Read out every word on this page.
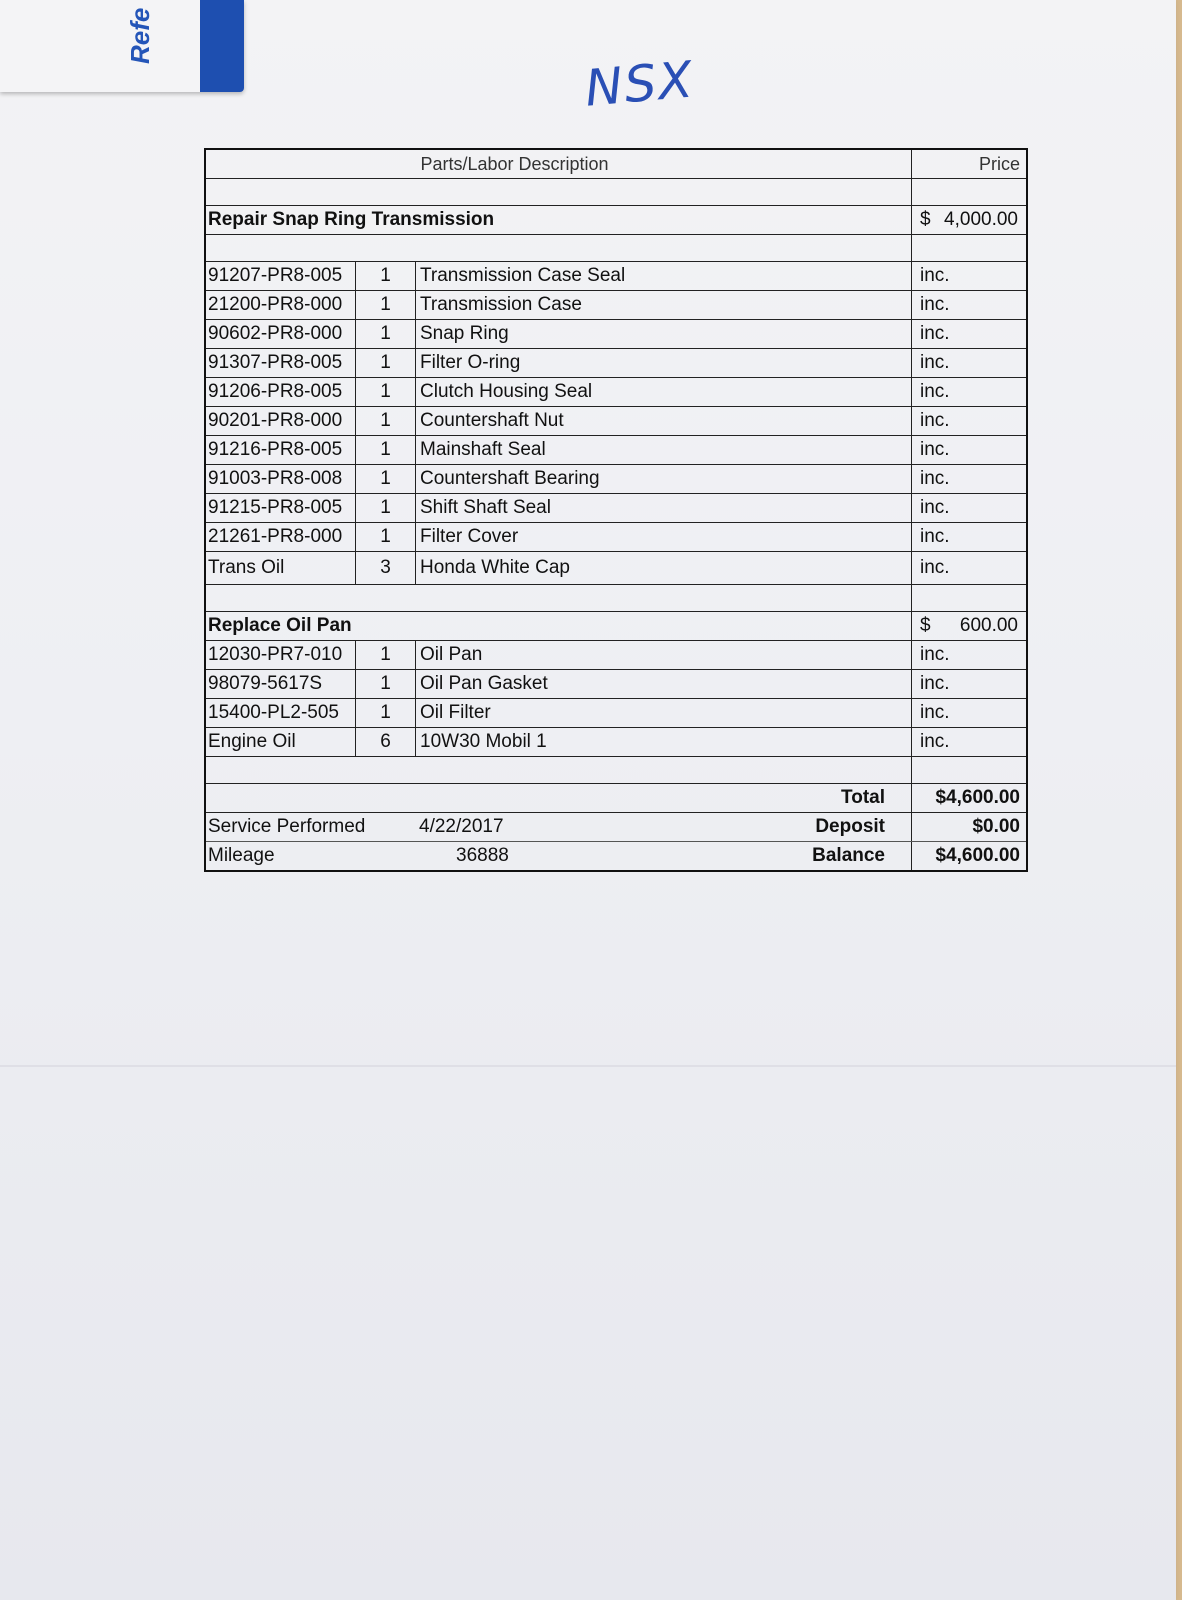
Refe
NSX
Parts/Labor Description	Price
Repair Snap Ring Transmission	$ 4,000.00
91207-PR8-005	1	Transmission Case Seal	inc.
21200-PR8-000	1	Transmission Case	inc.
90602-PR8-000	1	Snap Ring	inc.
91307-PR8-005	1	Filter O-ring	inc.
91206-PR8-005	1	Clutch Housing Seal	inc.
90201-PR8-000	1	Countershaft Nut	inc.
91216-PR8-005	1	Mainshaft Seal	inc.
91003-PR8-008	1	Countershaft Bearing	inc.
91215-PR8-005	1	Shift Shaft Seal	inc.
21261-PR8-000	1	Filter Cover	inc.
Trans Oil	3	Honda White Cap	inc.
Replace Oil Pan	$ 600.00
12030-PR7-010	1	Oil Pan	inc.
98079-5617S	1	Oil Pan Gasket	inc.
15400-PL2-505	1	Oil Filter	inc.
Engine Oil	6	10W30 Mobil 1	inc.
Total	$4,600.00
Service Performed	4/22/2017	Deposit	$0.00
Mileage	36888	Balance	$4,600.00
